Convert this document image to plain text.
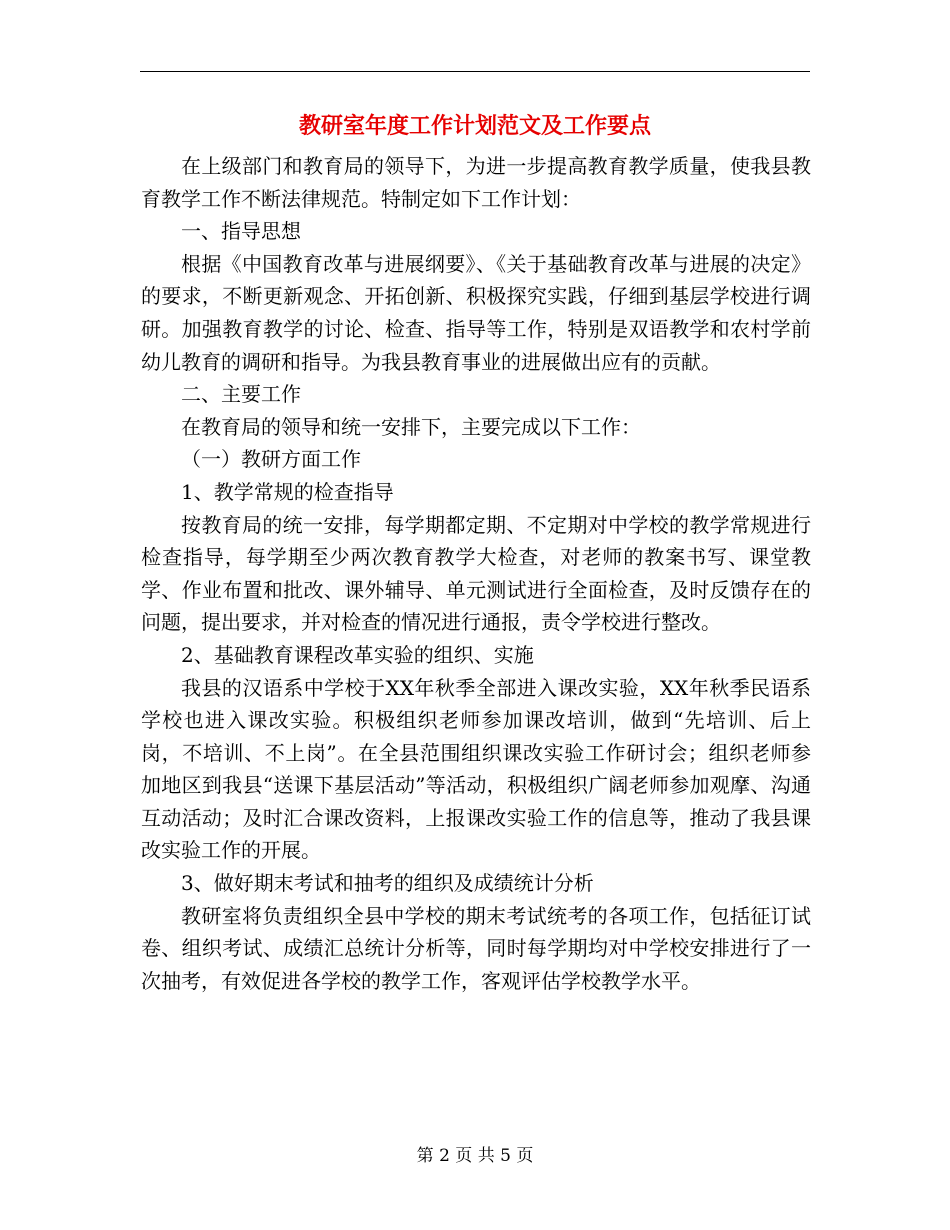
教研室年度工作计划范文及工作要点

在上级部门和教育局的领导下，为进一步提高教育教学质量，使我县教育教学工作不断法律规范。特制定如下工作计划：

一、指导思想

根据《中国教育改革与进展纲要》、《关于基础教育改革与进展的决定》的要求，不断更新观念、开拓创新、积极探究实践，仔细到基层学校进行调研。加强教育教学的讨论、检查、指导等工作，特别是双语教学和农村学前幼儿教育的调研和指导。为我县教育事业的进展做出应有的贡献。

二、主要工作

在教育局的领导和统一安排下，主要完成以下工作：

（一）教研方面工作

1、教学常规的检查指导

按教育局的统一安排，每学期都定期、不定期对中学校的教学常规进行检查指导，每学期至少两次教育教学大检查，对老师的教案书写、课堂教学、作业布置和批改、课外辅导、单元测试进行全面检查，及时反馈存在的问题，提出要求，并对检查的情况进行通报，责令学校进行整改。

2、基础教育课程改革实验的组织、实施

我县的汉语系中学校于XX年秋季全部进入课改实验，XX年秋季民语系学校也进入课改实验。积极组织老师参加课改培训，做到“先培训、后上岗，不培训、不上岗”。在全县范围组织课改实验工作研讨会；组织老师参加地区到我县“送课下基层活动”等活动，积极组织广阔老师参加观摩、沟通互动活动；及时汇合课改资料，上报课改实验工作的信息等，推动了我县课改实验工作的开展。

3、做好期末考试和抽考的组织及成绩统计分析

教研室将负责组织全县中学校的期末考试统考的各项工作，包括征订试卷、组织考试、成绩汇总统计分析等，同时每学期均对中学校安排进行了一次抽考，有效促进各学校的教学工作，客观评估学校教学水平。

第 2 页 共 5 页
